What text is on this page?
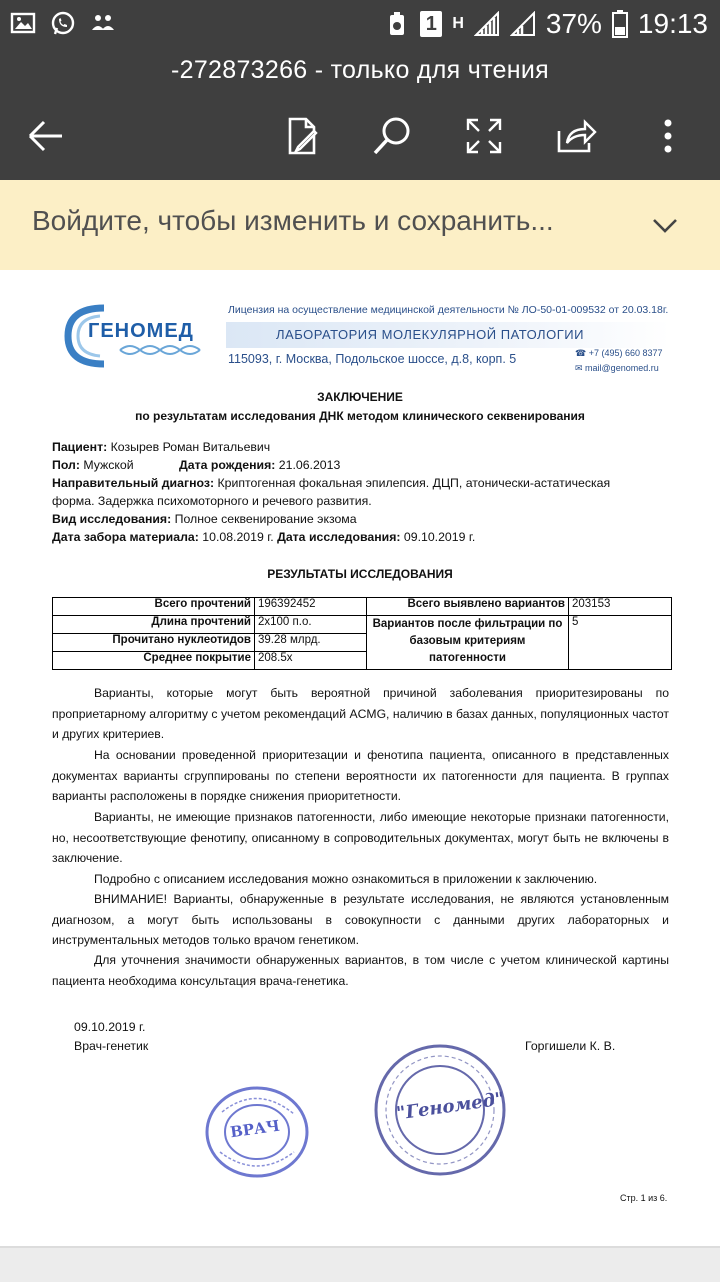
1 H	37% 19:13
-272873266 - только для чтения
Войдите, чтобы изменить и сохранить...
ГЕНОМЕД
Лицензия на осуществление медицинской деятельности № ЛО-50-01-009532 от 20.03.18г.
ЛАБОРАТОРИЯ МОЛЕКУЛЯРНОЙ ПАТОЛОГИИ
115093, г. Москва, Подольское шоссе, д.8, корп. 5	☎ +7 (495) 660 8377
✉ mail@genomed.ru
ЗАКЛЮЧЕНИЕ
по результатам исследования ДНК методом клинического секвенирования
Пациент: Козырев Роман Витальевич
Пол: Мужской	Дата рождения: 21.06.2013
Направительный диагноз: Криптогенная фокальная эпилепсия. ДЦП, атонически-астатическая
форма. Задержка психомоторного и речевого развития.
Вид исследования: Полное секвенирование экзома
Дата забора материала: 10.08.2019 г. Дата исследования: 09.10.2019 г.
РЕЗУЛЬТАТЫ ИССЛЕДОВАНИЯ
Всего прочтений	196392452	Всего выявлено вариантов	203153
Длина прочтений	2x100 п.о.	Вариантов после фильтрации по базовым критериям патогенности	5
Прочитано нуклеотидов	39.28 млрд.		
Среднее покрытие	208.5x		
Варианты, которые могут быть вероятной причиной заболевания приоритезированы по проприетарному алгоритму с учетом рекомендаций ACMG, наличию в базах данных, популяционных частот и других критериев.
На основании проведенной приоритезации и фенотипа пациента, описанного в представленных документах варианты сгруппированы по степени вероятности их патогенности для пациента. В группах варианты расположены в порядке снижения приоритетности.
Варианты, не имеющие признаков патогенности, либо имеющие некоторые признаки патогенности, но, несоответствующие фенотипу, описанному в сопроводительных документах, могут быть не включены в заключение.
Подробно с описанием исследования можно ознакомиться в приложении к заключению.
ВНИМАНИЕ! Варианты, обнаруженные в результате исследования, не являются установленным диагнозом, а могут быть использованы в совокупности с данными других лабораторных и инструментальных методов только врачом генетиком.
Для уточнения значимости обнаруженных вариантов, в том числе с учетом клинической картины пациента необходима консультация врача-генетика.
09.10.2019 г.
Врач-генетик	Горгишели К. В.
ВРАЧ
"Геномед"
Стр. 1 из 6.
